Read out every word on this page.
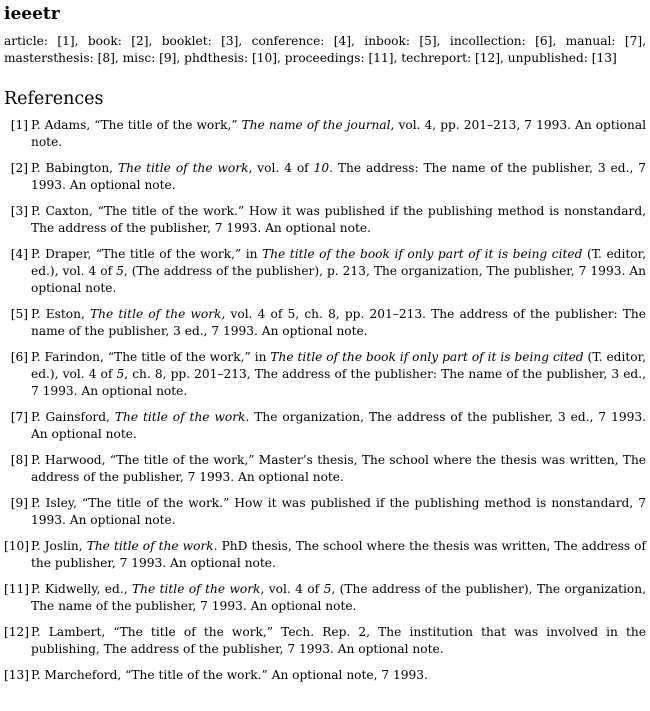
ieeetr

article: [1], book: [2], booklet: [3], conference: [4], inbook: [5], incollection: [6], manual: [7], mastersthesis: [8], misc: [9], phdthesis: [10], proceedings: [11], techreport: [12], unpublished: [13]

References
[1] P. Adams, “The title of the work,” The name of the journal, vol. 4, pp. 201–213, 7 1993. An optional note.
[2] P. Babington, The title of the work, vol. 4 of 10. The address: The name of the publisher, 3 ed., 7 1993. An optional note.
[3] P. Caxton, “The title of the work.” How it was published if the publishing method is nonstandard, The address of the publisher, 7 1993. An optional note.
[4] P. Draper, “The title of the work,” in The title of the book if only part of it is being cited (T. editor, ed.), vol. 4 of 5, (The address of the publisher), p. 213, The organization, The publisher, 7 1993. An optional note.
[5] P. Eston, The title of the work, vol. 4 of 5, ch. 8, pp. 201–213. The address of the publisher: The name of the publisher, 3 ed., 7 1993. An optional note.
[6] P. Farindon, “The title of the work,” in The title of the book if only part of it is being cited (T. editor, ed.), vol. 4 of 5, ch. 8, pp. 201–213, The address of the publisher: The name of the publisher, 3 ed., 7 1993. An optional note.
[7] P. Gainsford, The title of the work. The organization, The address of the publisher, 3 ed., 7 1993. An optional note.
[8] P. Harwood, “The title of the work,” Master’s thesis, The school where the thesis was written, The address of the publisher, 7 1993. An optional note.
[9] P. Isley, “The title of the work.” How it was published if the publishing method is nonstandard, 7 1993. An optional note.
[10] P. Joslin, The title of the work. PhD thesis, The school where the thesis was written, The address of the publisher, 7 1993. An optional note.
[11] P. Kidwelly, ed., The title of the work, vol. 4 of 5, (The address of the publisher), The organization, The name of the publisher, 7 1993. An optional note.
[12] P. Lambert, “The title of the work,” Tech. Rep. 2, The institution that was involved in the publishing, The address of the publisher, 7 1993. An optional note.
[13] P. Marcheford, “The title of the work.” An optional note, 7 1993.
